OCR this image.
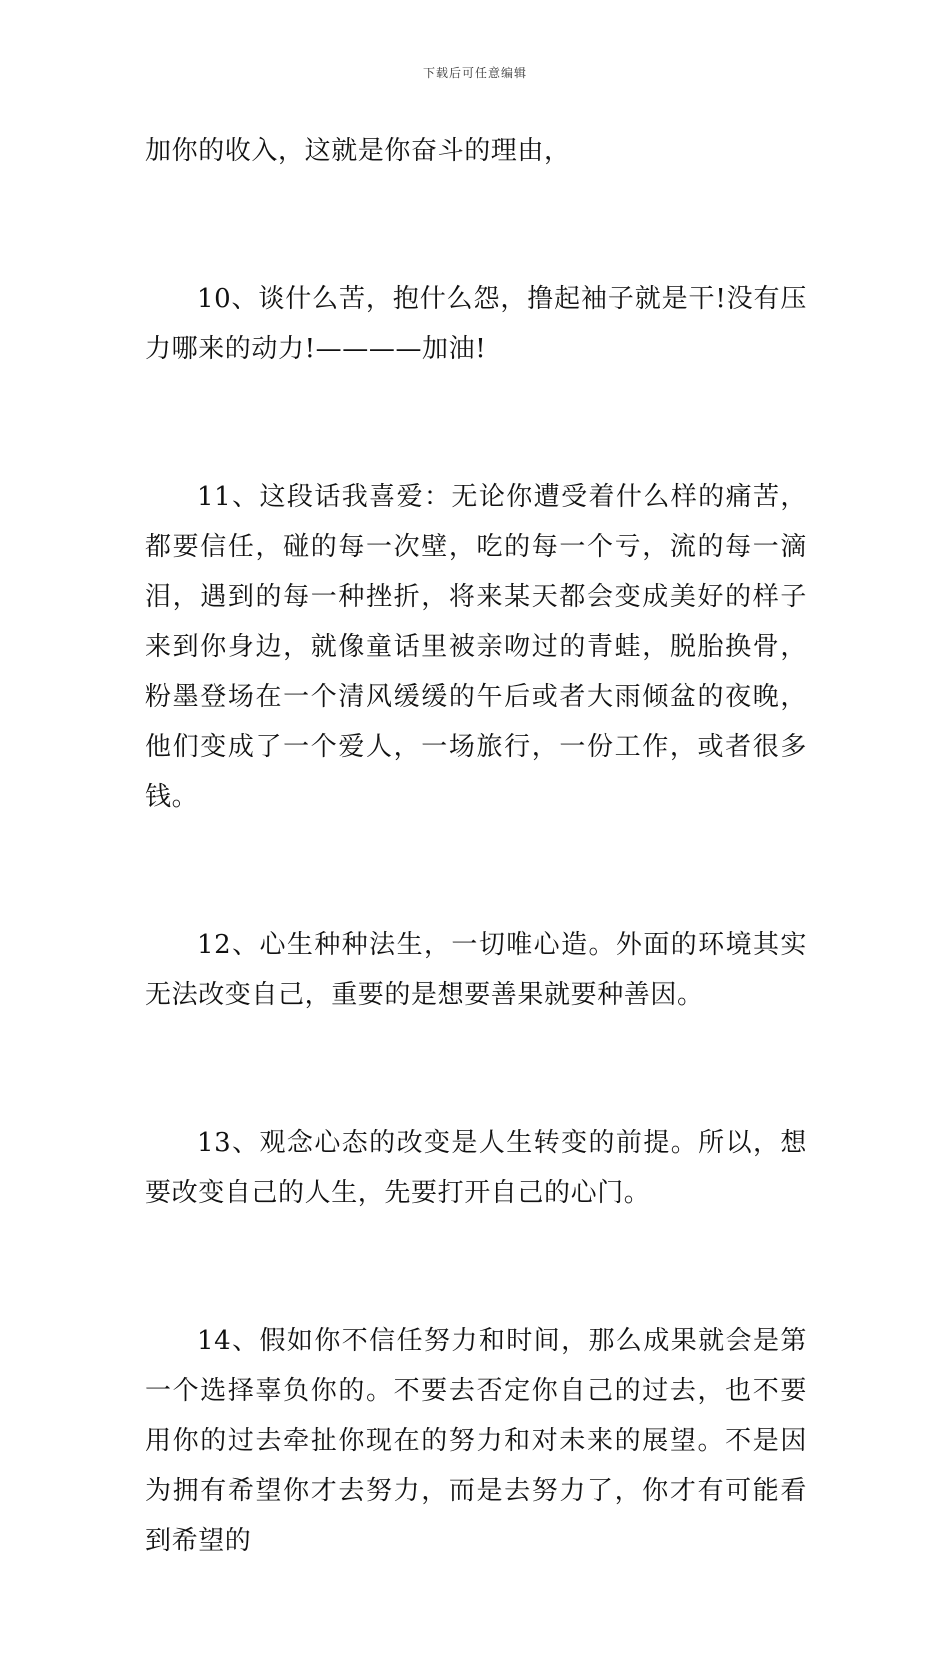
下载后可任意编辑

加你的收入，这就是你奋斗的理由，

10、谈什么苦，抱什么怨，撸起袖子就是干!没有压力哪来的动力!————加油!

11、这段话我喜爱：无论你遭受着什么样的痛苦，都要信任，碰的每一次壁，吃的每一个亏，流的每一滴泪，遇到的每一种挫折，将来某天都会变成美好的样子来到你身边，就像童话里被亲吻过的青蛙，脱胎换骨，粉墨登场在一个清风缓缓的午后或者大雨倾盆的夜晚，他们变成了一个爱人，一场旅行，一份工作，或者很多钱。

12、心生种种法生，一切唯心造。外面的环境其实无法改变自己，重要的是想要善果就要种善因。

13、观念心态的改变是人生转变的前提。所以，想要改变自己的人生，先要打开自己的心门。

14、假如你不信任努力和时间，那么成果就会是第一个选择辜负你的。不要去否定你自己的过去，也不要用你的过去牵扯你现在的努力和对未来的展望。不是因为拥有希望你才去努力，而是去努力了，你才有可能看到希望的
